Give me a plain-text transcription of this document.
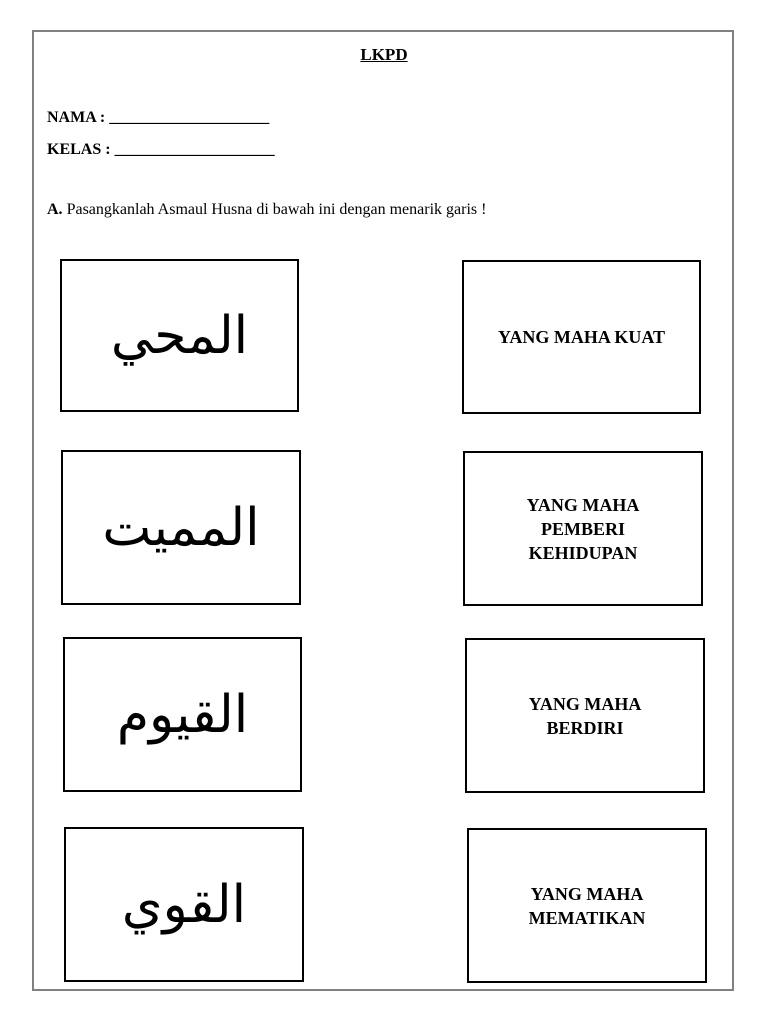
LKPD
NAMA : ____________________
KELAS : ____________________
A. Pasangkanlah Asmaul Husna di bawah ini dengan menarik garis !
المحي
المميت
القيوم
القوي
YANG MAHA KUAT
YANG MAHA PEMBERI KEHIDUPAN
YANG MAHA BERDIRI
YANG MAHA MEMATIKAN
